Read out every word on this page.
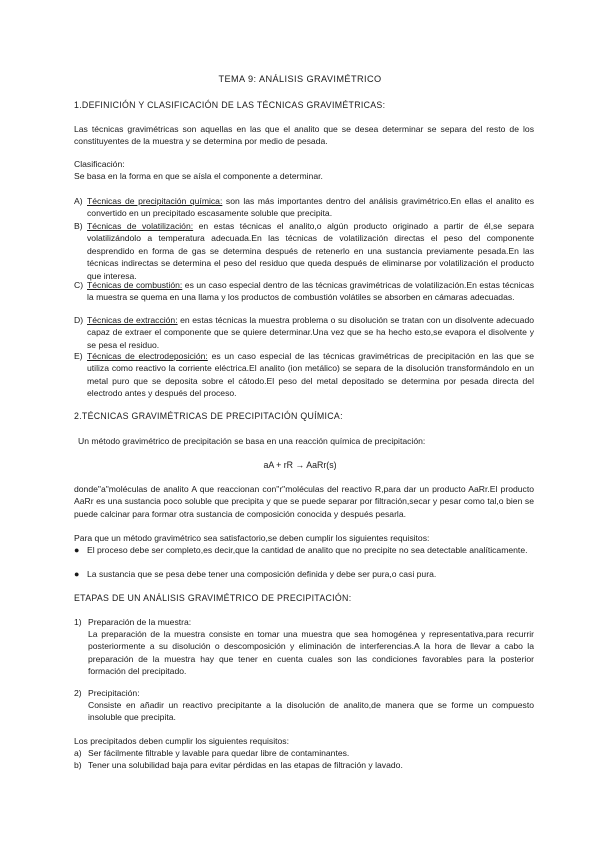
TEMA 9: ANÁLISIS GRAVIMÉTRICO
1.DEFINICIÓN Y CLASIFICACIÓN DE LAS TÉCNICAS GRAVIMÉTRICAS:

Las técnicas gravimétricas son aquellas en las que el analito que se desea determinar se separa del resto de los constituyentes de la muestra y se determina por medio de pesada.

Clasificación:
Se basa en la forma en que se aísla el componente a determinar.
A) Técnicas de precipitación química: son las más importantes dentro del análisis gravimétrico.En ellas el analito es convertido en un precipitado escasamente soluble que precipita.
B) Técnicas de volatilización: en estas técnicas el analito,o algún producto originado a partir de él,se separa volatilizándolo a temperatura adecuada.En las técnicas de volatilización directas el peso del componente desprendido en forma de gas se determina después de retenerlo en una sustancia previamente pesada.En las técnicas indirectas se determina el peso del residuo que queda después de eliminarse por volatilización el producto que interesa.
C) Técnicas de combustión: es un caso especial dentro de las técnicas gravimétricas de volatilización.En estas técnicas la muestra se quema en una llama y los productos de combustión volátiles se absorben en cámaras adecuadas.
D) Técnicas de extracción: en estas técnicas la muestra problema o su disolución se tratan con un disolvente adecuado capaz de extraer el componente que se quiere determinar.Una vez que se ha hecho esto,se evapora el disolvente y se pesa el residuo.
E) Técnicas de electrodeposición: es un caso especial de las técnicas gravimétricas de precipitación en las que se utiliza como reactivo la corriente eléctrica.El analito (ion metálico) se separa de la disolución transformándolo en un metal puro que se deposita sobre el cátodo.El peso del metal depositado se determina por pesada directa del electrodo antes y después del proceso.
2.TÉCNICAS GRAVIMÉTRICAS DE PRECIPITACIÓN QUÍMICA:
Un método gravimétrico de precipitación se basa en una reacción química de precipitación:
aA + rR → AaRr(s)

donde"a"moléculas de analito A que reaccionan con"r"moléculas del reactivo R,para dar un producto AaRr.El producto AaRr es una sustancia poco soluble que precipita y que se puede separar por filtración,secar y pesar como tal,o bien se puede calcinar para formar otra sustancia de composición conocida y después pesarla.

Para que un método gravimétrico sea satisfactorio,se deben cumplir los siguientes requisitos:
● El proceso debe ser completo,es decir,que la cantidad de analito que no precipite no sea detectable analíticamente.
● La sustancia que se pesa debe tener una composición definida y debe ser pura,o casi pura.
ETAPAS DE UN ANÁLISIS GRAVIMÉTRICO DE PRECIPITACIÓN:
1) Preparación de la muestra:
La preparación de la muestra consiste en tomar una muestra que sea homogénea y representativa,para recurrir posteriormente a su disolución o descomposición y eliminación de interferencias.A la hora de llevar a cabo la preparación de la muestra hay que tener en cuenta cuales son las condiciones favorables para la posterior formación del precipitado.
2) Precipitación:
Consiste en añadir un reactivo precipitante a la disolución de analito,de manera que se forme un compuesto insoluble que precipita.
Los precipitados deben cumplir los siguientes requisitos:
a) Ser fácilmente filtrable y lavable para quedar libre de contaminantes.
b) Tener una solubilidad baja para evitar pérdidas en las etapas de filtración y lavado.
